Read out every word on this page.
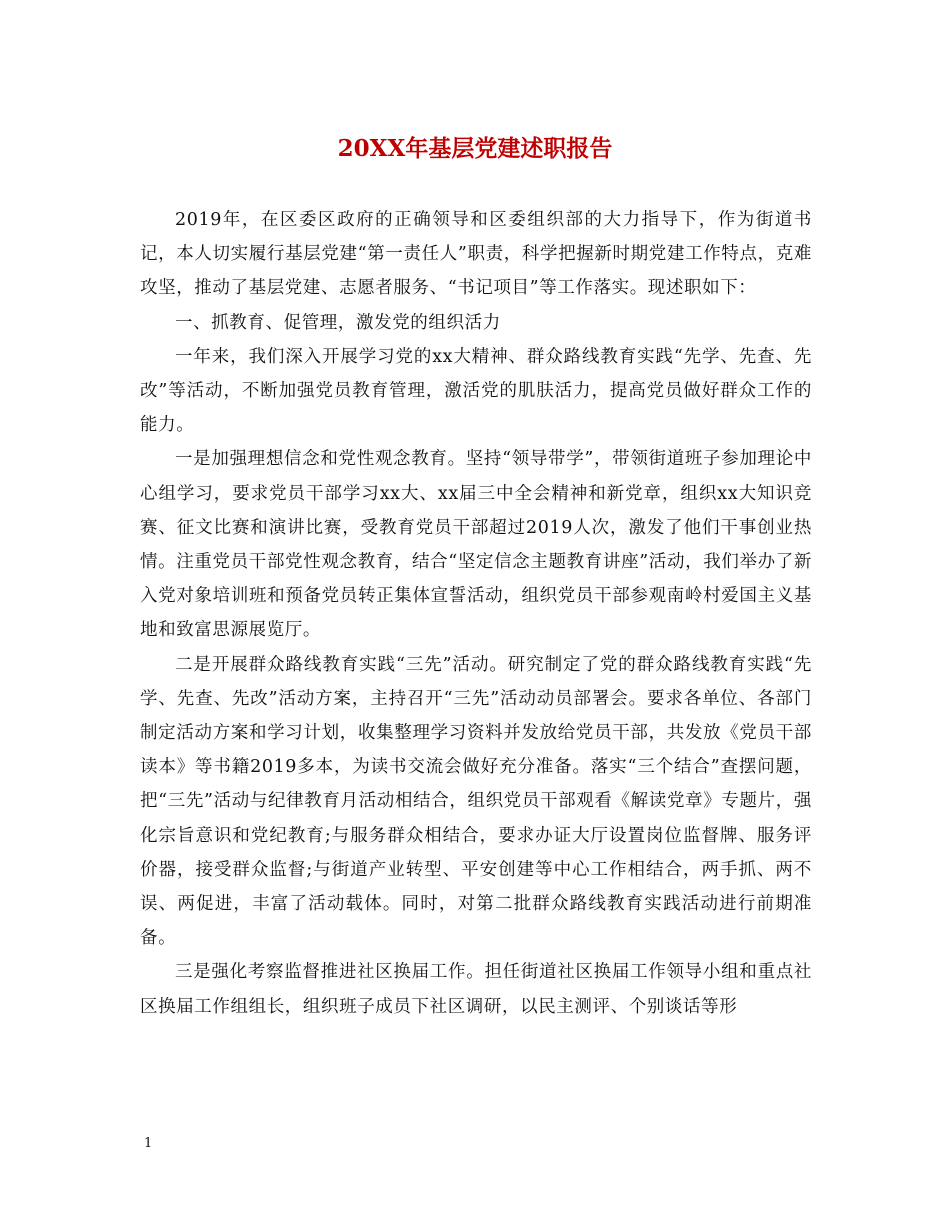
20XX年基层党建述职报告

2019年，在区委区政府的正确领导和区委组织部的大力指导下，作为街道书记，本人切实履行基层党建“第一责任人”职责，科学把握新时期党建工作特点，克难攻坚，推动了基层党建、志愿者服务、“书记项目”等工作落实。现述职如下：

一、抓教育、促管理，激发党的组织活力

一年来，我们深入开展学习党的xx大精神、群众路线教育实践“先学、先查、先改”等活动，不断加强党员教育管理，激活党的肌肤活力，提高党员做好群众工作的能力。

一是加强理想信念和党性观念教育。坚持“领导带学”，带领街道班子参加理论中心组学习，要求党员干部学习xx大、xx届三中全会精神和新党章，组织xx大知识竞赛、征文比赛和演讲比赛，受教育党员干部超过2019人次，激发了他们干事创业热情。注重党员干部党性观念教育，结合“坚定信念主题教育讲座”活动，我们举办了新入党对象培训班和预备党员转正集体宣誓活动，组织党员干部参观南岭村爱国主义基地和致富思源展览厅。

二是开展群众路线教育实践“三先”活动。研究制定了党的群众路线教育实践“先学、先查、先改”活动方案，主持召开“三先”活动动员部署会。要求各单位、各部门制定活动方案和学习计划，收集整理学习资料并发放给党员干部，共发放《党员干部读本》等书籍2019多本，为读书交流会做好充分准备。落实“三个结合”查摆问题，把“三先”活动与纪律教育月活动相结合，组织党员干部观看《解读党章》专题片，强化宗旨意识和党纪教育;与服务群众相结合，要求办证大厅设置岗位监督牌、服务评价器，接受群众监督;与街道产业转型、平安创建等中心工作相结合，两手抓、两不误、两促进，丰富了活动载体。同时，对第二批群众路线教育实践活动进行前期准备。

三是强化考察监督推进社区换届工作。担任街道社区换届工作领导小组和重点社区换届工作组组长，组织班子成员下社区调研，以民主测评、个别谈话等形

1
